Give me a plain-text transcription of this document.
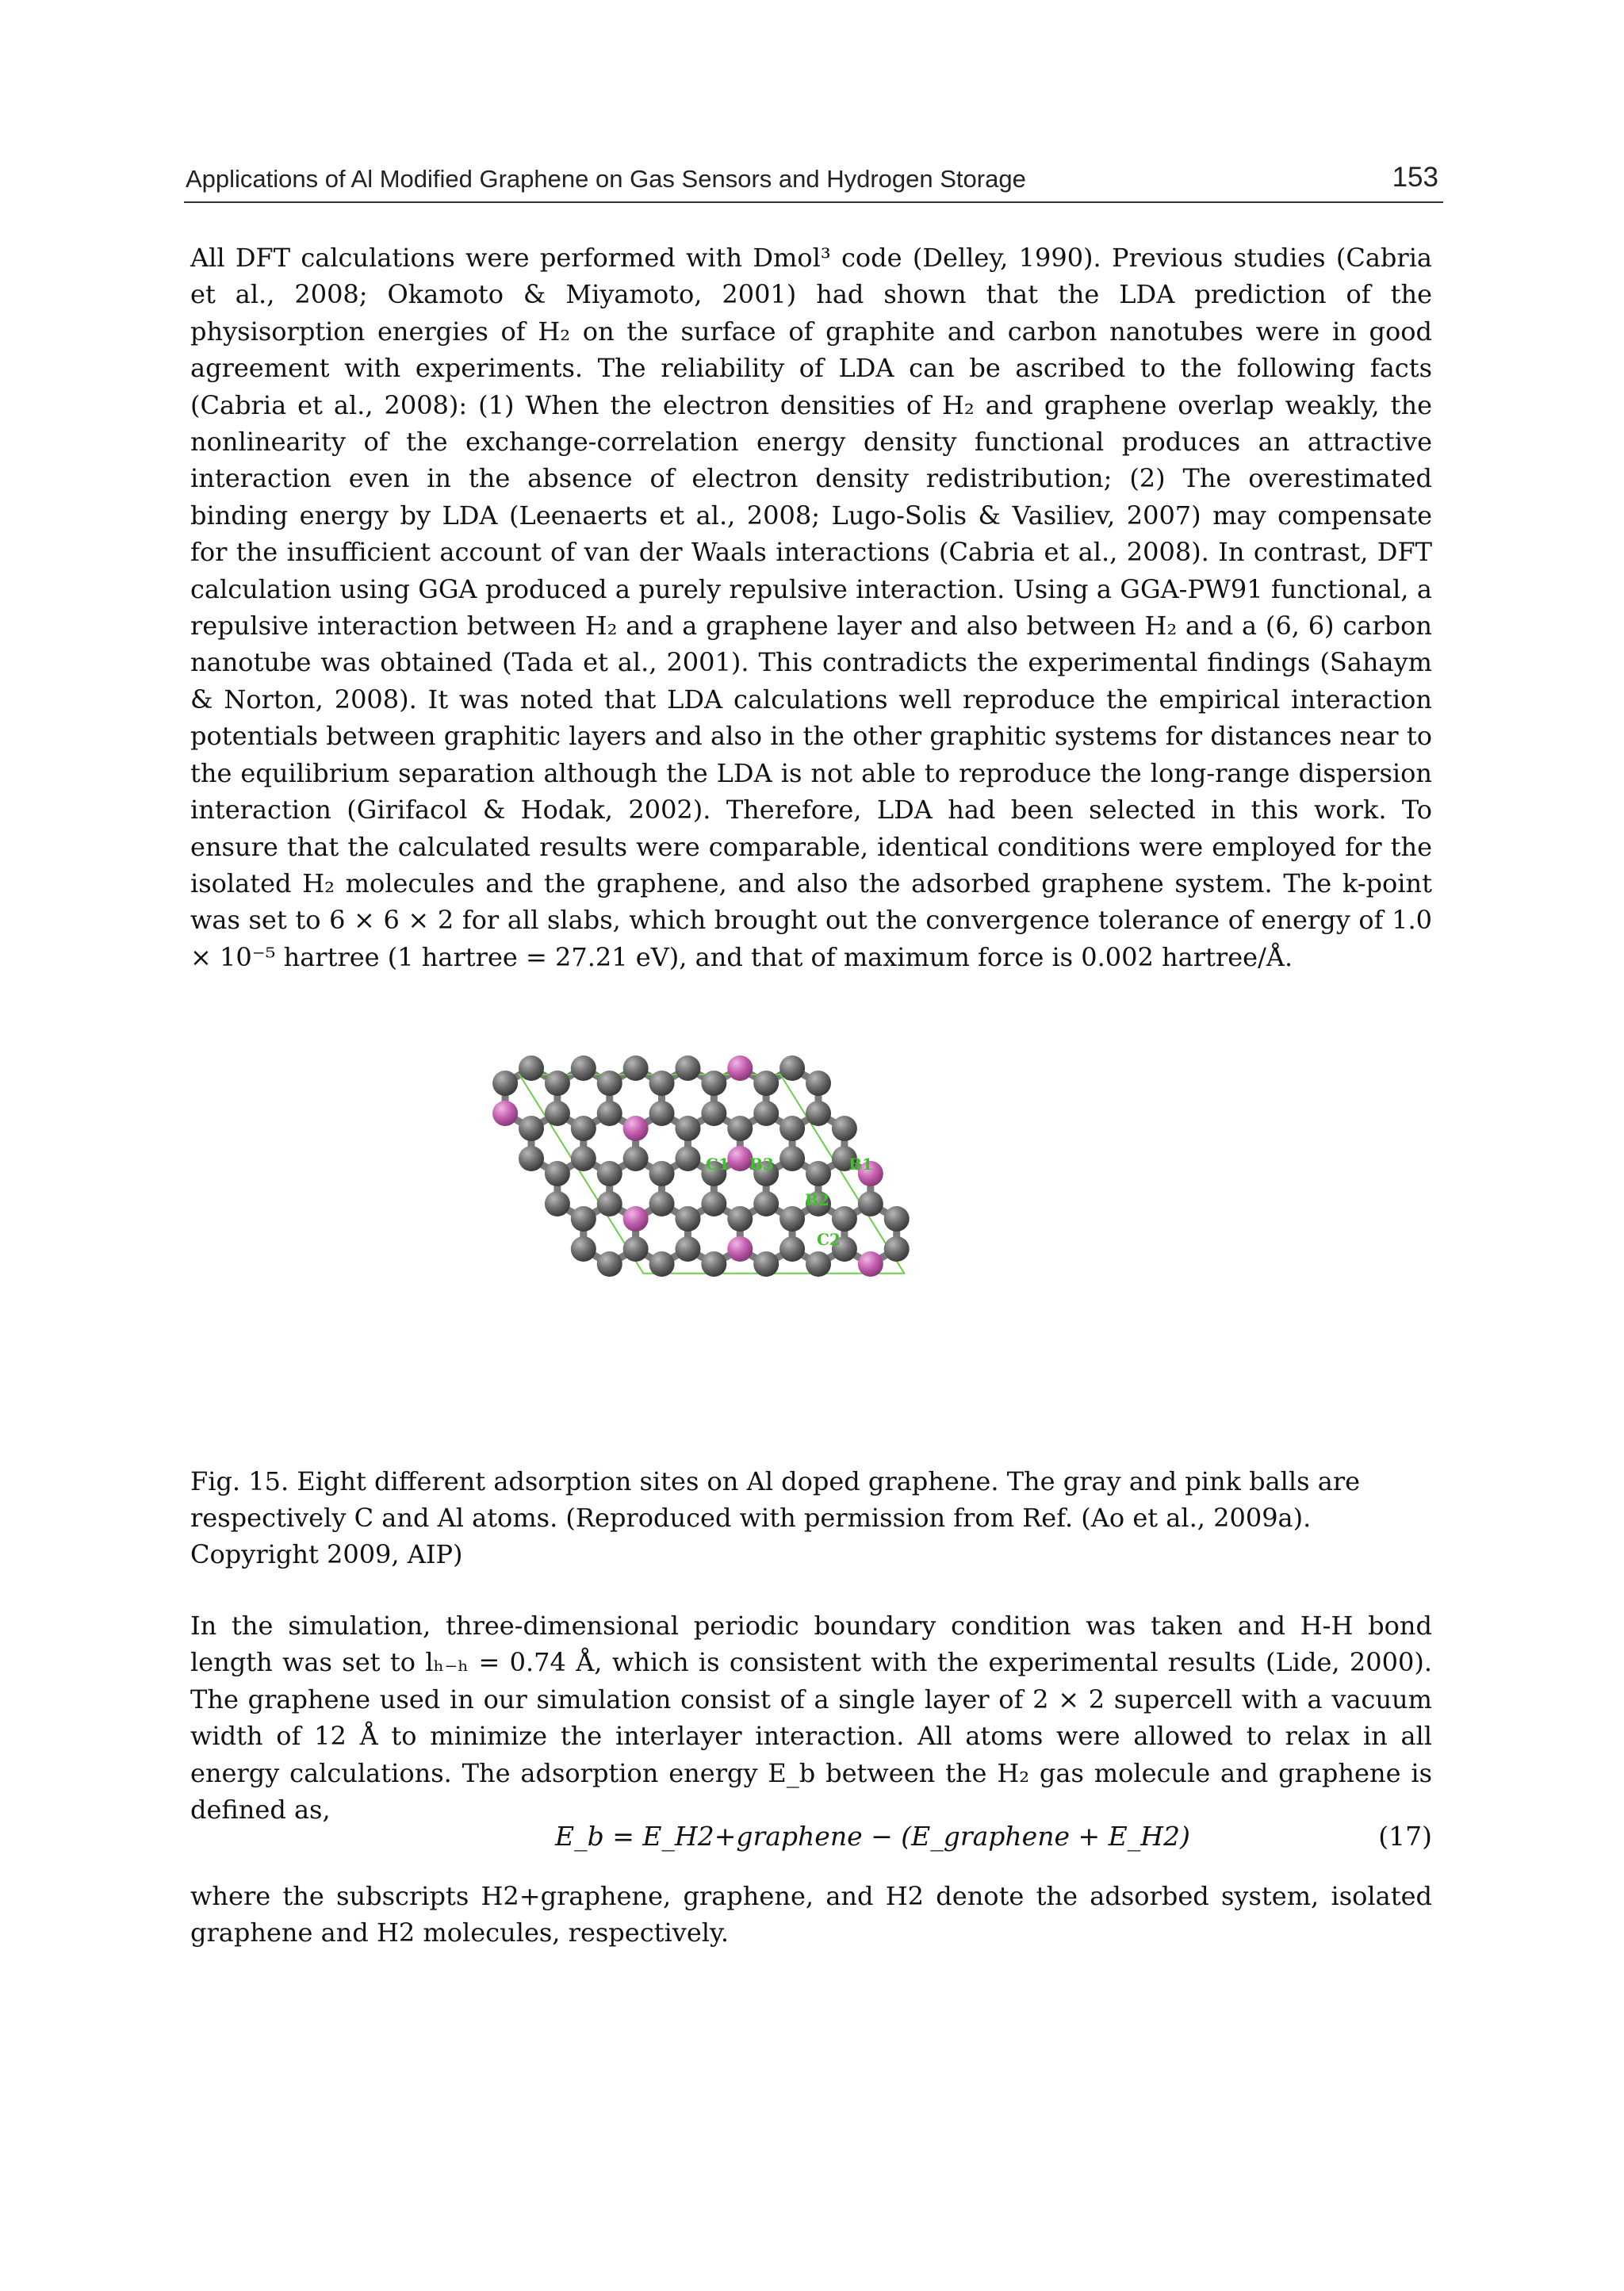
Applications of Al Modified Graphene on Gas Sensors and Hydrogen Storage	153

All DFT calculations were performed with Dmol³ code (Delley, 1990). Previous studies (Cabria et al., 2008; Okamoto & Miyamoto, 2001) had shown that the LDA prediction of the physisorption energies of H₂ on the surface of graphite and carbon nanotubes were in good agreement with experiments. The reliability of LDA can be ascribed to the following facts (Cabria et al., 2008): (1) When the electron densities of H₂ and graphene overlap weakly, the nonlinearity of the exchange-correlation energy density functional produces an attractive interaction even in the absence of electron density redistribution; (2) The overestimated binding energy by LDA (Leenaerts et al., 2008; Lugo-Solis & Vasiliev, 2007) may compensate for the insufficient account of van der Waals interactions (Cabria et al., 2008). In contrast, DFT calculation using GGA produced a purely repulsive interaction. Using a GGA-PW91 functional, a repulsive interaction between H₂ and a graphene layer and also between H₂ and a (6, 6) carbon nanotube was obtained (Tada et al., 2001). This contradicts the experimental findings (Sahaym & Norton, 2008). It was noted that LDA calculations well reproduce the empirical interaction potentials between graphitic layers and also in the other graphitic systems for distances near to the equilibrium separation although the LDA is not able to reproduce the long-range dispersion interaction (Girifacol & Hodak, 2002). Therefore, LDA had been selected in this work. To ensure that the calculated results were comparable, identical conditions were employed for the isolated H₂ molecules and the graphene, and also the adsorbed graphene system. The k-point was set to 6 × 6 × 2 for all slabs, which brought out the convergence tolerance of energy of 1.0 × 10⁻⁵ hartree (1 hartree = 27.21 eV), and that of maximum force is 0.002 hartree/Å.

C1 B3	B1
B2
C2

Fig. 15. Eight different adsorption sites on Al doped graphene. The gray and pink balls are respectively C and Al atoms. (Reproduced with permission from Ref. (Ao et al., 2009a). Copyright 2009, AIP)

In the simulation, three-dimensional periodic boundary condition was taken and H-H bond length was set to lₕ₋ₕ = 0.74 Å, which is consistent with the experimental results (Lide, 2000). The graphene used in our simulation consist of a single layer of 2 × 2 supercell with a vacuum width of 12 Å to minimize the interlayer interaction. All atoms were allowed to relax in all energy calculations. The adsorption energy E_b between the H₂ gas molecule and graphene is defined as,

E_b = E_H2+graphene − (E_graphene + E_H2)	(17)

where the subscripts H2+graphene, graphene, and H2 denote the adsorbed system, isolated graphene and H2 molecules, respectively.
